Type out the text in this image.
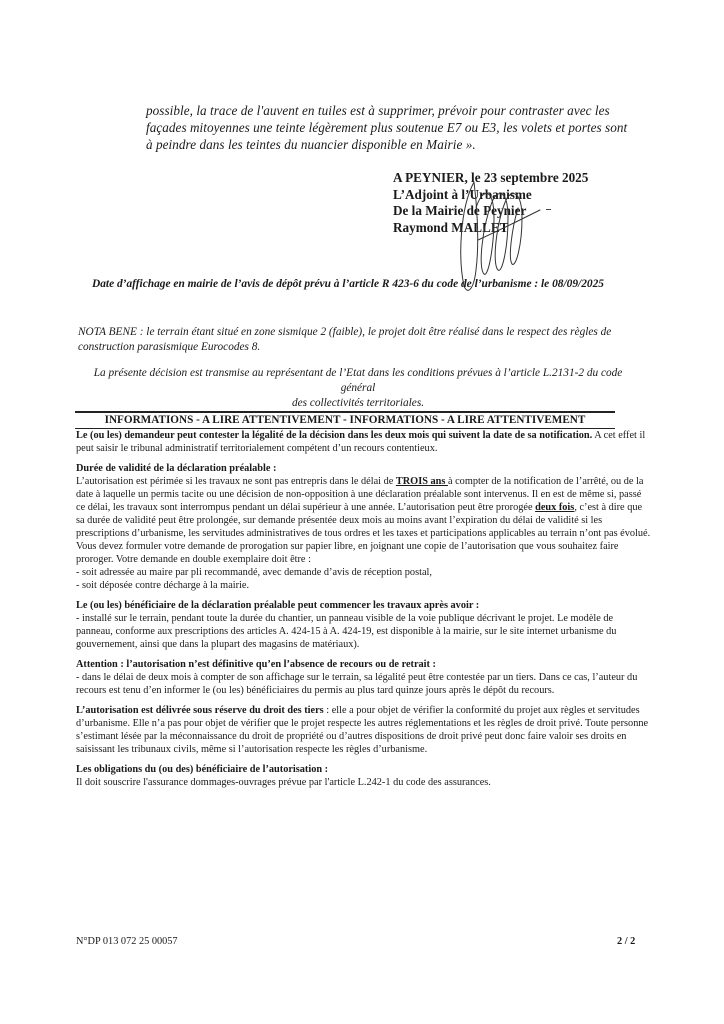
possible, la trace de l'auvent en tuiles est à supprimer, prévoir pour contraster avec les
façades mitoyennes une teinte légèrement plus soutenue E7 ou E3, les volets et portes sont
à peindre dans les teintes du nuancier disponible en Mairie ».
A PEYNIER, le 23 septembre 2025
L’Adjoint à l’Urbanisme
De la Mairie de Peynier
Raymond MALLET
Date d’affichage en mairie de l’avis de dépôt prévu à l’article R 423-6 du code de l’urbanisme : le 08/09/2025
NOTA BENE : le terrain étant situé en zone sismique 2 (faible), le projet doit être réalisé dans le respect des règles de
construction parasismique Eurocodes 8.
La présente décision est transmise au représentant de l’Etat dans les conditions prévues à l’article L.2131-2 du code général
des collectivités territoriales.
INFORMATIONS - A LIRE ATTENTIVEMENT - INFORMATIONS - A LIRE ATTENTIVEMENT

Le (ou les) demandeur peut contester la légalité de la décision dans les deux mois qui suivent la date de sa notification. A cet effet il
peut saisir le tribunal administratif territorialement compétent d’un recours contentieux.

Durée de validité de la déclaration préalable :
L’autorisation est périmée si les travaux ne sont pas entrepris dans le délai de TROIS ans à compter de la notification de l’arrêté, ou de la
date à laquelle un permis tacite ou une décision de non-opposition à une déclaration préalable sont intervenus. Il en est de même si, passé
ce délai, les travaux sont interrompus pendant un délai supérieur à une année. L’autorisation peut être prorogée deux fois, c’est à dire que
sa durée de validité peut être prolongée, sur demande présentée deux mois au moins avant l’expiration du délai de validité si les
prescriptions d’urbanisme, les servitudes administratives de tous ordres et les taxes et participations applicables au terrain n’ont pas évolué.
Vous devez formuler votre demande de prorogation sur papier libre, en joignant une copie de l’autorisation que vous souhaitez faire
proroger. Votre demande en double exemplaire doit être :
- soit adressée au maire par pli recommandé, avec demande d’avis de réception postal,
- soit déposée contre décharge à la mairie.

Le (ou les) bénéficiaire de la déclaration préalable peut commencer les travaux après avoir :
- installé sur le terrain, pendant toute la durée du chantier, un panneau visible de la voie publique décrivant le projet. Le modèle de
panneau, conforme aux prescriptions des articles A. 424-15 à A. 424-19, est disponible à la mairie, sur le site internet urbanisme du
gouvernement, ainsi que dans la plupart des magasins de matériaux).

Attention : l’autorisation n’est définitive qu’en l’absence de recours ou de retrait :
- dans le délai de deux mois à compter de son affichage sur le terrain, sa légalité peut être contestée par un tiers. Dans ce cas, l’auteur du
recours est tenu d’en informer le (ou les) bénéficiaires du permis au plus tard quinze jours après le dépôt du recours.

L’autorisation est délivrée sous réserve du droit des tiers : elle a pour objet de vérifier la conformité du projet aux règles et servitudes
d’urbanisme. Elle n’a pas pour objet de vérifier que le projet respecte les autres réglementations et les règles de droit privé. Toute personne
s’estimant lésée par la méconnaissance du droit de propriété ou d’autres dispositions de droit privé peut donc faire valoir ses droits en
saisissant les tribunaux civils, même si l’autorisation respecte les règles d’urbanisme.

Les obligations du (ou des) bénéficiaire de l’autorisation :
Il doit souscrire l'assurance dommages-ouvrages prévue par l'article L.242-1 du code des assurances.

N°DP 013 072 25 00057	2 / 2
